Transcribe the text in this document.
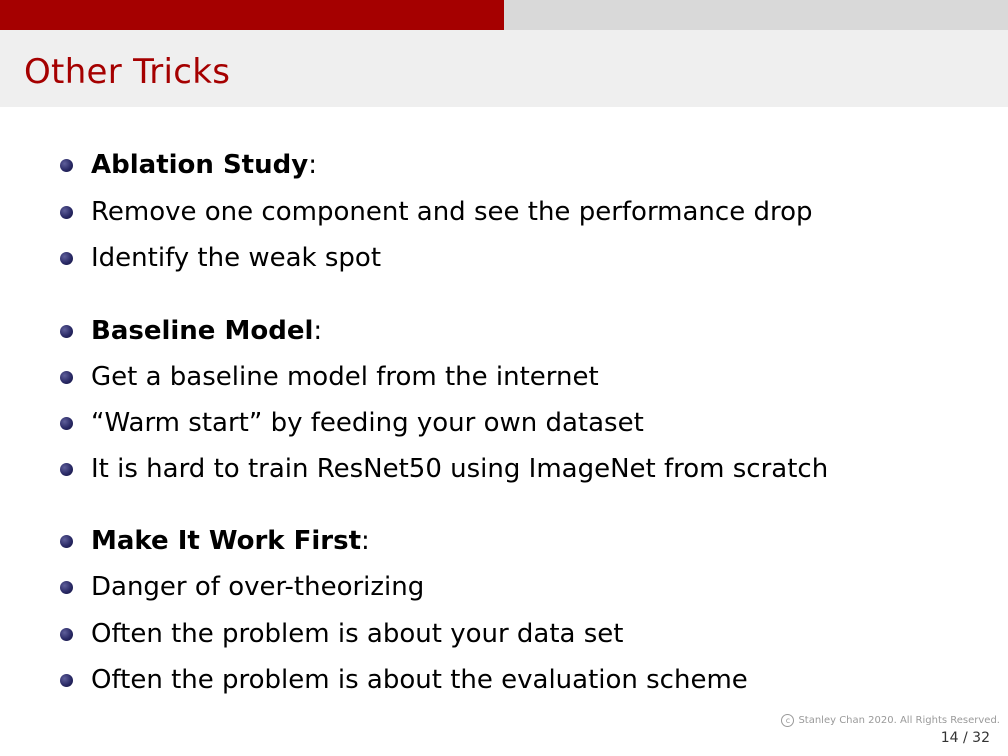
Other Tricks
Ablation Study:
Remove one component and see the performance drop
Identify the weak spot
Baseline Model:
Get a baseline model from the internet
“Warm start” by feeding your own dataset
It is hard to train ResNet50 using ImageNet from scratch
Make It Work First:
Danger of over-theorizing
Often the problem is about your data set
Often the problem is about the evaluation scheme
c Stanley Chan 2020. All Rights Reserved.
14 / 32
